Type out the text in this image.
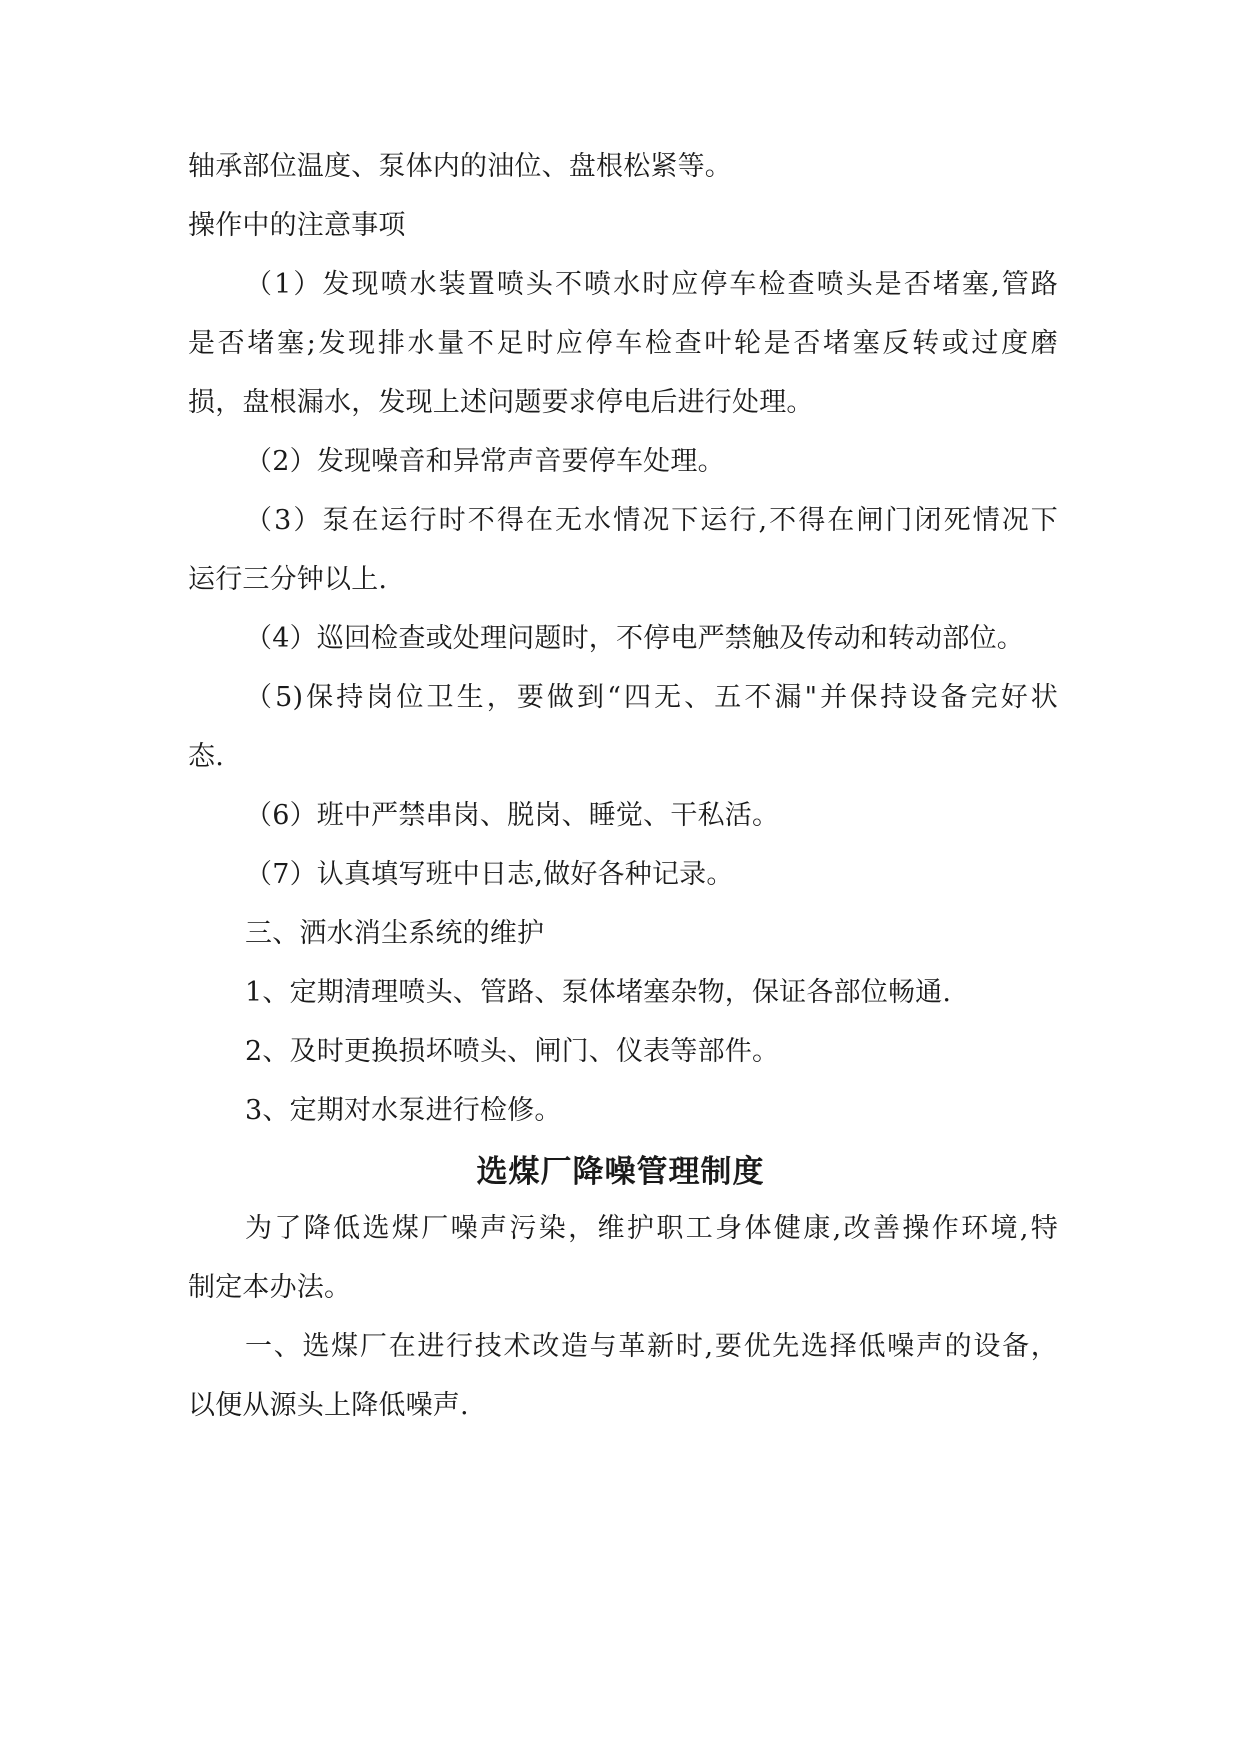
轴承部位温度、泵体内的油位、盘根松紧等。
操作中的注意事项
（1）发现喷水装置喷头不喷水时应停车检查喷头是否堵塞,管路
是否堵塞;发现排水量不足时应停车检查叶轮是否堵塞反转或过度磨
损，盘根漏水，发现上述问题要求停电后进行处理。
（2）发现噪音和异常声音要停车处理。
（3）泵在运行时不得在无水情况下运行,不得在闸门闭死情况下
运行三分钟以上.
（4）巡回检查或处理问题时，不停电严禁触及传动和转动部位。
（5)保持岗位卫生，要做到“四无、五不漏"并保持设备完好状
态.
（6）班中严禁串岗、脱岗、睡觉、干私活。
（7）认真填写班中日志,做好各种记录。
三、洒水消尘系统的维护
1、定期清理喷头、管路、泵体堵塞杂物，保证各部位畅通.
2、及时更换损坏喷头、闸门、仪表等部件。
3、定期对水泵进行检修。
选煤厂降噪管理制度
为了降低选煤厂噪声污染，维护职工身体健康,改善操作环境,特
制定本办法。
一、选煤厂在进行技术改造与革新时,要优先选择低噪声的设备，
以便从源头上降低噪声.
